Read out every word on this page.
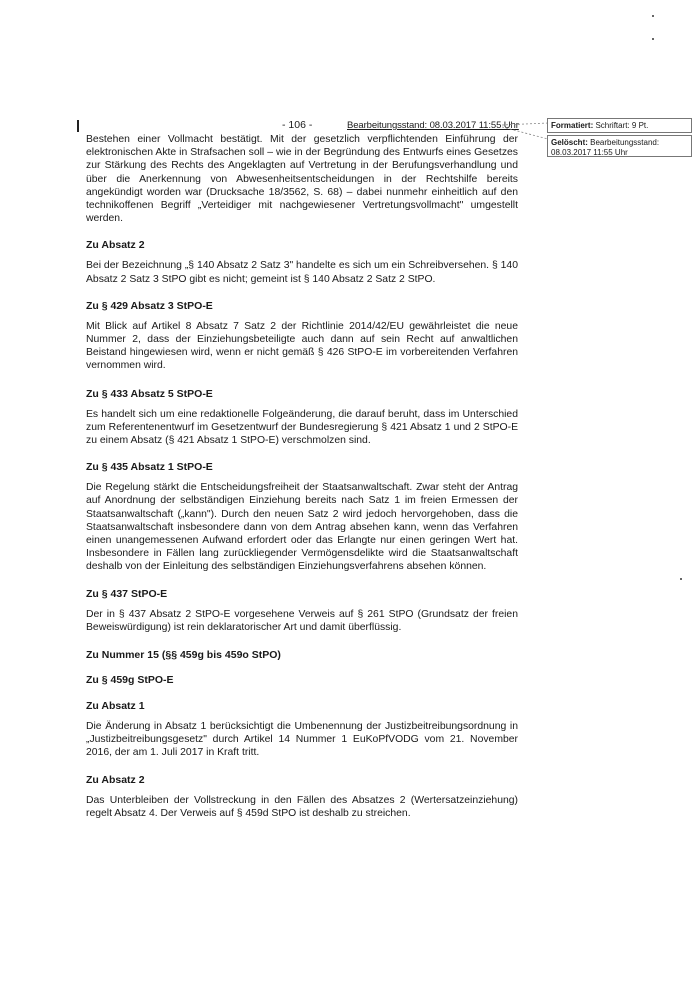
- 106 -	Bearbeitungsstand: 08.03.2017 11:55 Uhr	Formatiert: Schriftart: 9 Pt.
Gelöscht: Bearbeitungsstand: 08.03.2017 11:55 Uhr

Bestehen einer Vollmacht bestätigt. Mit der gesetzlich verpflichtenden Einführung der elektronischen Akte in Strafsachen soll – wie in der Begründung des Entwurfs eines Gesetzes zur Stärkung des Rechts des Angeklagten auf Vertretung in der Berufungsverhandlung und über die Anerkennung von Abwesenheitsentscheidungen in der Rechtshilfe bereits angekündigt worden war (Drucksache 18/3562, S. 68) – dabei nunmehr einheitlich auf den technikoffenen Begriff „Verteidiger mit nachgewiesener Vertretungsvollmacht" umgestellt werden.

Zu Absatz 2

Bei der Bezeichnung „§ 140 Absatz 2 Satz 3" handelte es sich um ein Schreibversehen. § 140 Absatz 2 Satz 3 StPO gibt es nicht; gemeint ist § 140 Absatz 2 Satz 2 StPO.

Zu § 429 Absatz 3 StPO-E

Mit Blick auf Artikel 8 Absatz 7 Satz 2 der Richtlinie 2014/42/EU gewährleistet die neue Nummer 2, dass der Einziehungsbeteiligte auch dann auf sein Recht auf anwaltlichen Beistand hingewiesen wird, wenn er nicht gemäß § 426 StPO-E im vorbereitenden Verfahren vernommen wird.

Zu § 433 Absatz 5 StPO-E

Es handelt sich um eine redaktionelle Folgeänderung, die darauf beruht, dass im Unterschied zum Referentenentwurf im Gesetzentwurf der Bundesregierung § 421 Absatz 1 und 2 StPO-E zu einem Absatz (§ 421 Absatz 1 StPO-E) verschmolzen sind.

Zu § 435 Absatz 1 StPO-E

Die Regelung stärkt die Entscheidungsfreiheit der Staatsanwaltschaft. Zwar steht der Antrag auf Anordnung der selbständigen Einziehung bereits nach Satz 1 im freien Ermessen der Staatsanwaltschaft („kann"). Durch den neuen Satz 2 wird jedoch hervorgehoben, dass die Staatsanwaltschaft insbesondere dann von dem Antrag absehen kann, wenn das Verfahren einen unangemessenen Aufwand erfordert oder das Erlangte nur einen geringen Wert hat. Insbesondere in Fällen lang zurückliegender Vermögensdelikte wird die Staatsanwaltschaft deshalb von der Einleitung des selbständigen Einziehungsverfahrens absehen können.

Zu § 437 StPO-E

Der in § 437 Absatz 2 StPO-E vorgesehene Verweis auf § 261 StPO (Grundsatz der freien Beweiswürdigung) ist rein deklaratorischer Art und damit überflüssig.

Zu Nummer 15 (§§ 459g bis 459o StPO)
Zu § 459g StPO-E
Zu Absatz 1

Die Änderung in Absatz 1 berücksichtigt die Umbenennung der Justizbeitreibungsordnung in „Justizbeitreibungsgesetz" durch Artikel 14 Nummer 1 EuKoPfVODG vom 21. November 2016, der am 1. Juli 2017 in Kraft tritt.

Zu Absatz 2

Das Unterbleiben der Vollstreckung in den Fällen des Absatzes 2 (Wertersatzeinziehung) regelt Absatz 4. Der Verweis auf § 459d StPO ist deshalb zu streichen.
